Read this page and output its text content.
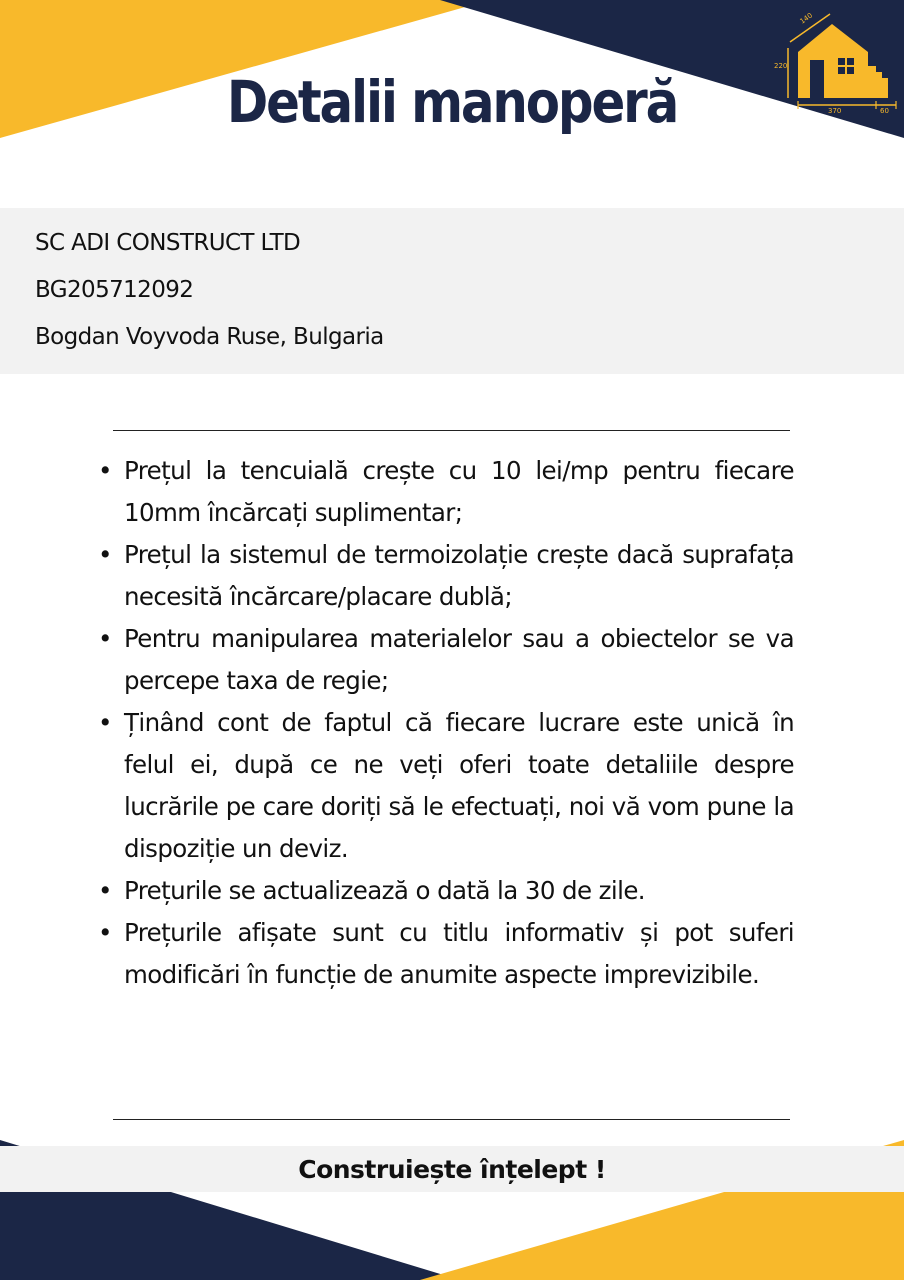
140
220
370	60
Detalii manoperă
SC ADI CONSTRUCT LTD
BG205712092
Bogdan Voyvoda Ruse, Bulgaria
• Prețul la tencuială crește cu 10 lei/mp pentru fiecare 10mm încărcați suplimentar;
• Prețul la sistemul de termoizolație crește dacă suprafața necesită încărcare/placare dublă;
• Pentru manipularea materialelor sau a obiectelor se va percepe taxa de regie;
• Ținând cont de faptul că fiecare lucrare este unică în felul ei, după ce ne veți oferi toate detaliile despre lucrările pe care doriți să le efectuați, noi vă vom pune la dispoziție un deviz.
• Prețurile se actualizează o dată la 30 de zile.
• Prețurile afișate sunt cu titlu informativ și pot suferi modificări în funcție de anumite aspecte imprevizibile.
Construiește înțelept !
